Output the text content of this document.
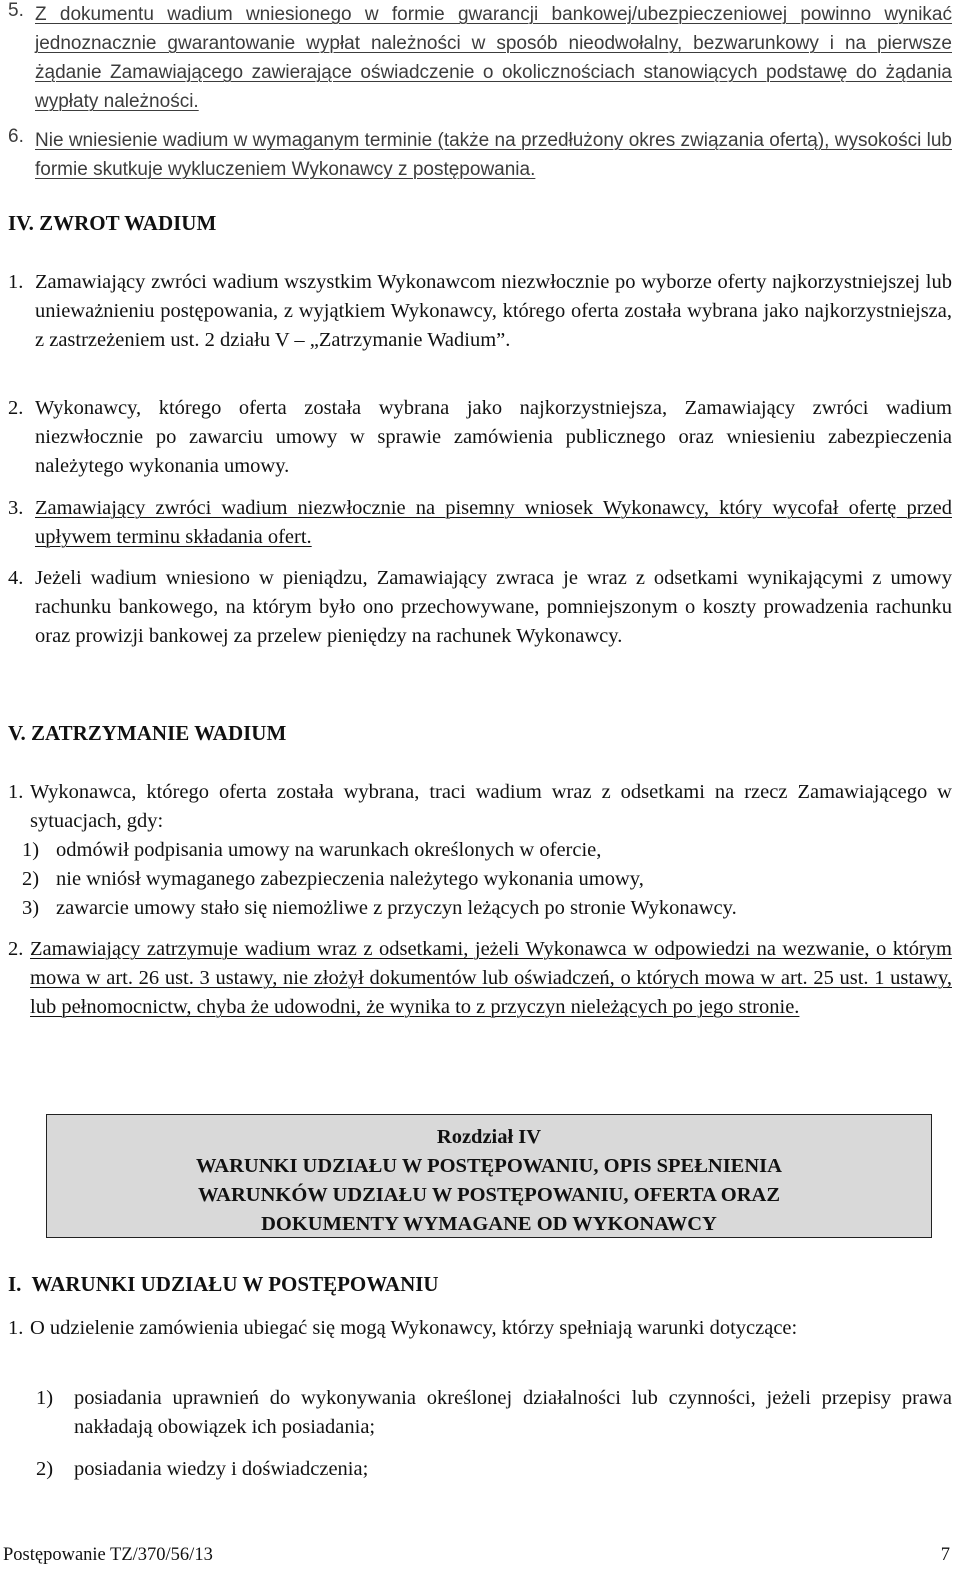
5. Z dokumentu wadium wniesionego w formie gwarancji bankowej/ubezpieczeniowej powinno wynikać jednoznacznie gwarantowanie wypłat należności w sposób nieodwołalny, bezwarunkowy i na pierwsze żądanie Zamawiającego zawierające oświadczenie o okolicznościach stanowiących podstawę do żądania wypłaty należności.

6. Nie wniesienie wadium w wymaganym terminie (także na przedłużony okres związania ofertą), wysokości lub formie skutkuje wykluczeniem Wykonawcy z postępowania.

IV. ZWROT WADIUM
1. Zamawiający zwróci wadium wszystkim Wykonawcom niezwłocznie po wyborze oferty najkorzystniejszej lub unieważnieniu postępowania, z wyjątkiem Wykonawcy, którego oferta została wybrana jako najkorzystniejsza, z zastrzeżeniem ust. 2 działu V – „Zatrzymanie Wadium”.

2. Wykonawcy, którego oferta została wybrana jako najkorzystniejsza, Zamawiający zwróci wadium niezwłocznie po zawarciu umowy w sprawie zamówienia publicznego oraz wniesieniu zabezpieczenia należytego wykonania umowy.

3. Zamawiający zwróci wadium niezwłocznie na pisemny wniosek Wykonawcy, który wycofał ofertę przed upływem terminu składania ofert.

4. Jeżeli wadium wniesiono w pieniądzu, Zamawiający zwraca je wraz z odsetkami wynikającymi z umowy rachunku bankowego, na którym było ono przechowywane, pomniejszonym o koszty prowadzenia rachunku oraz prowizji bankowej za przelew pieniędzy na rachunek Wykonawcy.

V. ZATRZYMANIE WADIUM
1. Wykonawca, którego oferta została wybrana, traci wadium wraz z odsetkami na rzecz Zamawiającego w sytuacjach, gdy:

1) odmówił podpisania umowy na warunkach określonych w ofercie,
2) nie wniósł wymaganego zabezpieczenia należytego wykonania umowy,
3) zawarcie umowy stało się niemożliwe z przyczyn leżących po stronie Wykonawcy.
2. Zamawiający zatrzymuje wadium wraz z odsetkami, jeżeli Wykonawca w odpowiedzi na wezwanie, o którym mowa w art. 26 ust. 3 ustawy, nie złożył dokumentów lub oświadczeń, o których mowa w art. 25 ust. 1 ustawy, lub pełnomocnictw, chyba że udowodni, że wynika to z przyczyn nieleżących po jego stronie.

Rozdział IV
WARUNKI UDZIAŁU W POSTĘPOWANIU, OPIS SPEŁNIENIA
WARUNKÓW UDZIAŁU W POSTĘPOWANIU, OFERTA ORAZ
DOKUMENTY WYMAGANE OD WYKONAWCY
I.  WARUNKI UDZIAŁU W POSTĘPOWANIU
1. O udzielenie zamówienia ubiegać się mogą Wykonawcy, którzy spełniają warunki dotyczące:

1) posiadania uprawnień do wykonywania określonej działalności lub czynności, jeżeli przepisy prawa nakładają obowiązek ich posiadania;

2) posiadania wiedzy i doświadczenia;

Postępowanie TZ/370/56/13	7
